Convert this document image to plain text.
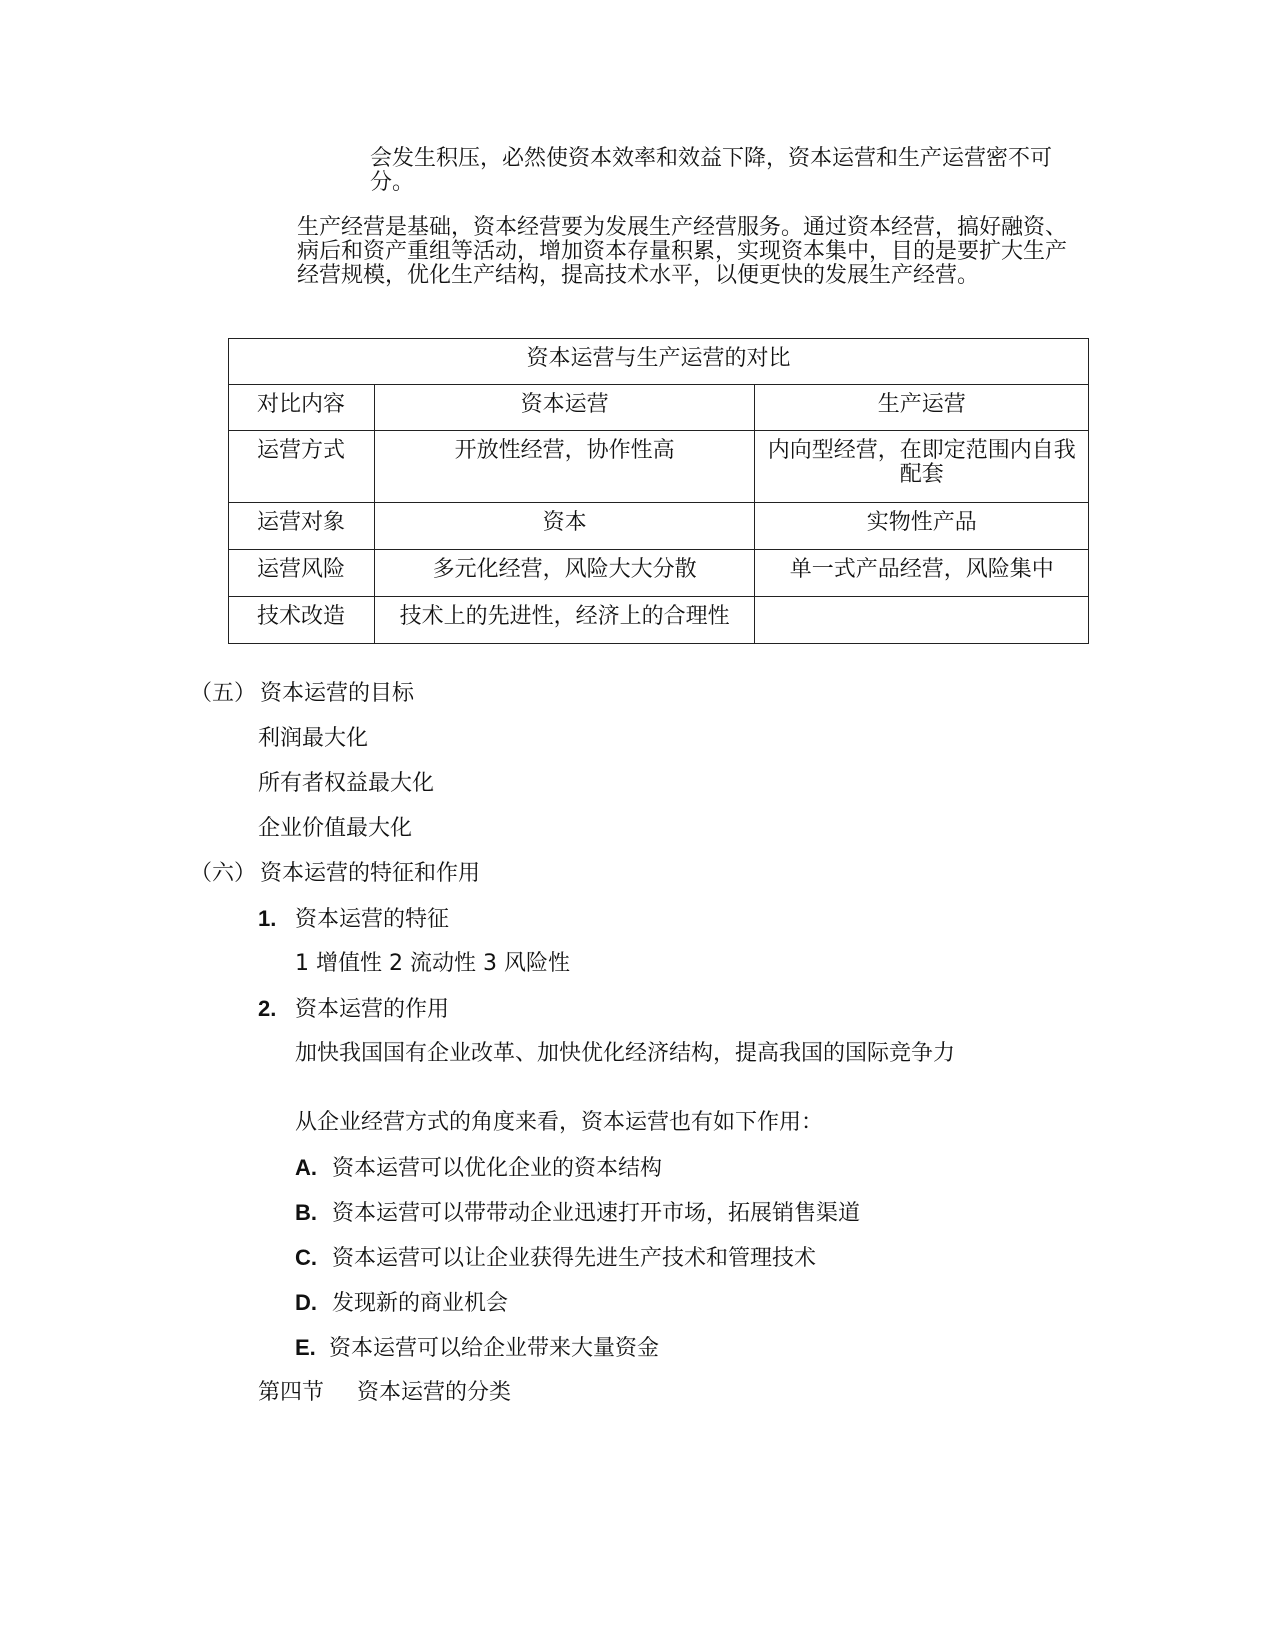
会发生积压，必然使资本效率和效益下降，资本运营和生产运营密不可分。

生产经营是基础，资本经营要为发展生产经营服务。通过资本经营，搞好融资、病后和资产重组等活动，增加资本存量积累，实现资本集中，目的是要扩大生产经营规模，优化生产结构，提高技术水平，以便更快的发展生产经营。

资本运营与生产运营的对比		
对比内容	资本运营	生产运营
运营方式	开放性经营，协作性高	内向型经营，在即定范围内自我配套
运营对象	资本	实物性产品
运营风险	多元化经营，风险大大分散	单一式产品经营，风险集中
技术改造	技术上的先进性，经济上的合理性	
（五） 资本运营的目标
利润最大化
所有者权益最大化
企业价值最大化
（六） 资本运营的特征和作用
1. 资本运营的特征
1 增值性 2 流动性 3 风险性
2. 资本运营的作用
加快我国国有企业改革、加快优化经济结构，提高我国的国际竞争力
从企业经营方式的角度来看，资本运营也有如下作用：
A. 资本运营可以优化企业的资本结构
B. 资本运营可以带带动企业迅速打开市场，拓展销售渠道
C. 资本运营可以让企业获得先进生产技术和管理技术
D. 发现新的商业机会
E. 资本运营可以给企业带来大量资金
第四节 资本运营的分类
